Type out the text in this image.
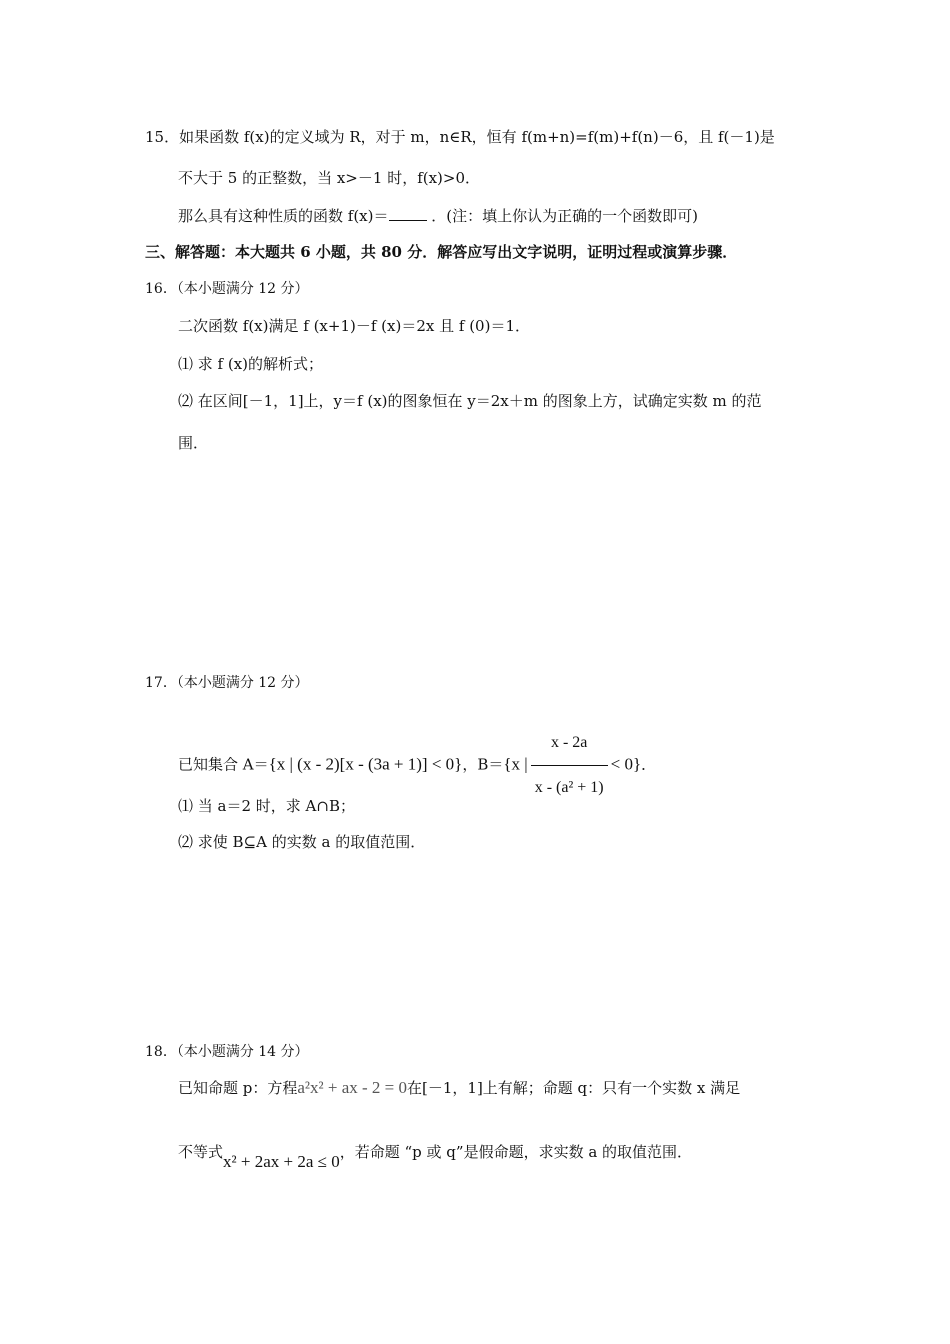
15．如果函数 f(x)的定义域为 R，对于 m，n∈R，恒有 f(m+n)=f(m)+f(n)－6，且 f(－1)是
不大于 5 的正整数，当 x>－1 时，f(x)>0．
那么具有这种性质的函数 f(x)＝	．(注：填上你认为正确的一个函数即可)
三、解答题：本大题共 6 小题，共 80 分．解答应写出文字说明，证明过程或演算步骤．
16．（本小题满分 12 分）
二次函数 f(x)满足 f (x+1)－f (x)＝2x 且 f (0)＝1．
⑴ 求 f (x)的解析式；
⑵ 在区间[－1，1]上，y＝f (x)的图象恒在 y＝2x＋m 的图象上方，试确定实数 m 的范
围．
17．（本小题满分 12 分）
已知集合 A＝{x | (x - 2)[x - (3a + 1)] < 0}，B＝{x | $\frac{x - 2a}{\text{x - (a² + 1)}} < 0$}．
⑴ 当 a＝2 时，求 A∩B；
⑵ 求使 B⊆A 的实数 a 的取值范围．
18．（本小题满分 14 分）
已知命题 p：方程a²x² + ax - 2 = 0在[－1，1]上有解；命题 q：只有一个实数 x 满足
不等式x² + 2ax + 2a ≤ 0，若命题 “p 或 q”是假命题，求实数 a 的取值范围．
